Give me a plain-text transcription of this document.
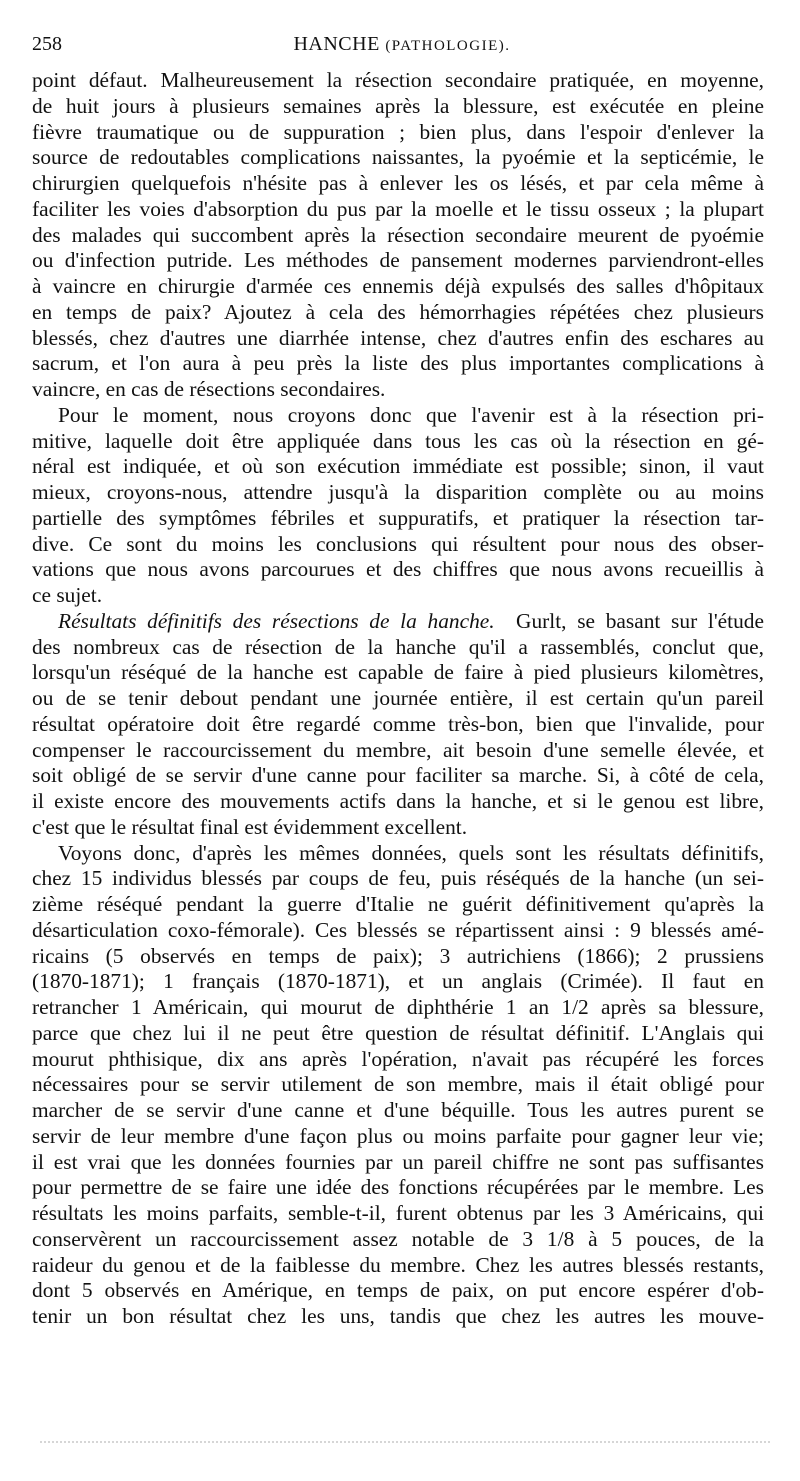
258	HANCHE (PATHOLOGIE).
point défaut. Malheureusement la résection secondaire pratiquée, en moyenne,
de huit jours à plusieurs semaines après la blessure, est exécutée en pleine
fièvre traumatique ou de suppuration ; bien plus, dans l'espoir d'enlever la
source de redoutables complications naissantes, la pyoémie et la septicémie, le
chirurgien quelquefois n'hésite pas à enlever les os lésés, et par cela même à
faciliter les voies d'absorption du pus par la moelle et le tissu osseux ; la plupart
des malades qui succombent après la résection secondaire meurent de pyoémie
ou d'infection putride. Les méthodes de pansement modernes parviendront-elles
à vaincre en chirurgie d'armée ces ennemis déjà expulsés des salles d'hôpitaux
en temps de paix? Ajoutez à cela des hémorrhagies répétées chez plusieurs
blessés, chez d'autres une diarrhée intense, chez d'autres enfin des eschares au
sacrum, et l'on aura à peu près la liste des plus importantes complications à
vaincre, en cas de résections secondaires.
Pour le moment, nous croyons donc que l'avenir est à la résection pri-
mitive, laquelle doit être appliquée dans tous les cas où la résection en gé-
néral est indiquée, et où son exécution immédiate est possible; sinon, il vaut
mieux, croyons-nous, attendre jusqu'à la disparition complète ou au moins
partielle des symptômes fébriles et suppuratifs, et pratiquer la résection tar-
dive. Ce sont du moins les conclusions qui résultent pour nous des obser-
vations que nous avons parcourues et des chiffres que nous avons recueillis à
ce sujet.
Résultats définitifs des résections de la hanche. Gurlt, se basant sur l'étude
des nombreux cas de résection de la hanche qu'il a rassemblés, conclut que,
lorsqu'un réséqué de la hanche est capable de faire à pied plusieurs kilomètres,
ou de se tenir debout pendant une journée entière, il est certain qu'un pareil
résultat opératoire doit être regardé comme très-bon, bien que l'invalide, pour
compenser le raccourcissement du membre, ait besoin d'une semelle élevée, et
soit obligé de se servir d'une canne pour faciliter sa marche. Si, à côté de cela,
il existe encore des mouvements actifs dans la hanche, et si le genou est libre,
c'est que le résultat final est évidemment excellent.
Voyons donc, d'après les mêmes données, quels sont les résultats définitifs,
chez 15 individus blessés par coups de feu, puis réséqués de la hanche (un sei-
zième réséqué pendant la guerre d'Italie ne guérit définitivement qu'après la
désarticulation coxo-fémorale). Ces blessés se répartissent ainsi : 9 blessés amé-
ricains (5 observés en temps de paix); 3 autrichiens (1866); 2 prussiens
(1870-1871); 1 français (1870-1871), et un anglais (Crimée). Il faut en
retrancher 1 Américain, qui mourut de diphthérie 1 an 1/2 après sa blessure,
parce que chez lui il ne peut être question de résultat définitif. L'Anglais qui
mourut phthisique, dix ans après l'opération, n'avait pas récupéré les forces
nécessaires pour se servir utilement de son membre, mais il était obligé pour
marcher de se servir d'une canne et d'une béquille. Tous les autres purent se
servir de leur membre d'une façon plus ou moins parfaite pour gagner leur vie;
il est vrai que les données fournies par un pareil chiffre ne sont pas suffisantes
pour permettre de se faire une idée des fonctions récupérées par le membre. Les
résultats les moins parfaits, semble-t-il, furent obtenus par les 3 Américains, qui
conservèrent un raccourcissement assez notable de 3 1/8 à 5 pouces, de la
raideur du genou et de la faiblesse du membre. Chez les autres blessés restants,
dont 5 observés en Amérique, en temps de paix, on put encore espérer d'ob-
tenir un bon résultat chez les uns, tandis que chez les autres les mouve-
